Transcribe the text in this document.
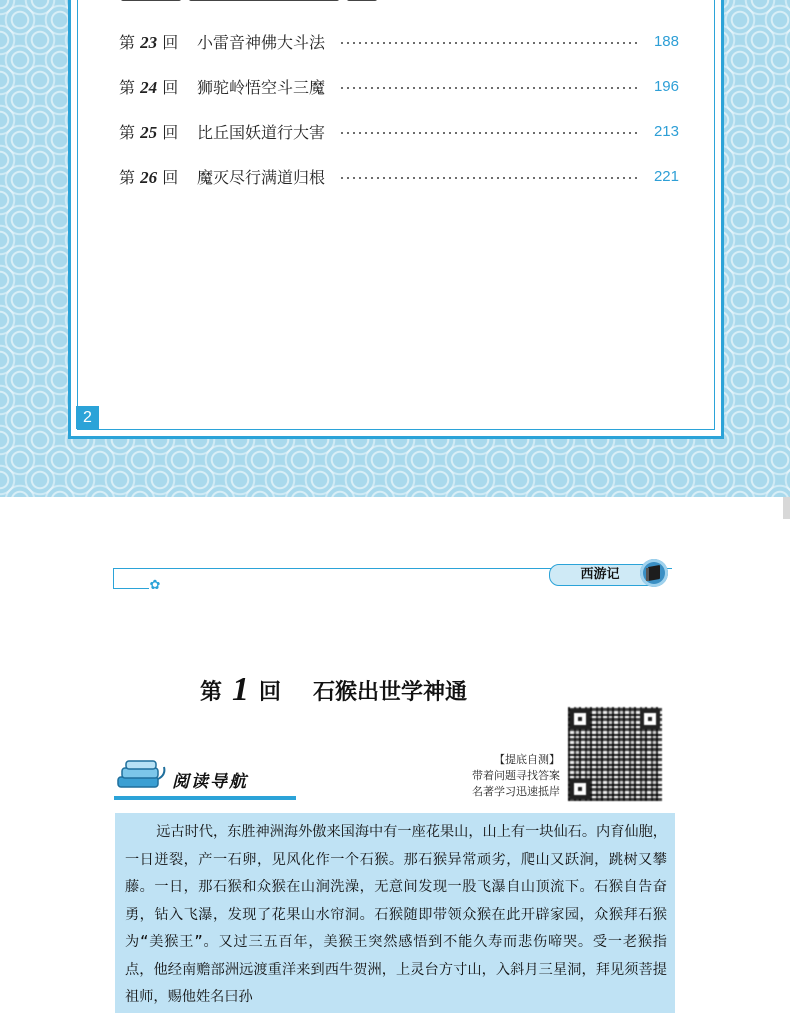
第 23 回	小雷音神佛大斗法	188
第 24 回	狮驼岭悟空斗三魔	196
第 25 回	比丘国妖道行大害	213
第 26 回	魔灭尽行满道归根	221
2
✿
西游记
第 1 回 石猴出世学神通
【提底自测】
带着问题寻找答案
名著学习迅速抵岸
阅读导航
远古时代，东胜神洲海外傲来国海中有一座花果山，山上有一块仙石。内育仙胞，一日迸裂，产一石卵，见风化作一个石猴。那石猴异常顽劣，爬山又跃涧，跳树又攀藤。一日，那石猴和众猴在山涧洗澡，无意间发现一股飞瀑自山顶流下。石猴自告奋勇，钻入飞瀑，发现了花果山水帘洞。石猴随即带领众猴在此开辟家园，众猴拜石猴为“美猴王”。又过三五百年，美猴王突然感悟到不能久寿而悲伤啼哭。受一老猴指点，他经南赡部洲远渡重洋来到西牛贺洲，上灵台方寸山，入斜月三星洞，拜见须菩提祖师，赐他姓名曰孙
